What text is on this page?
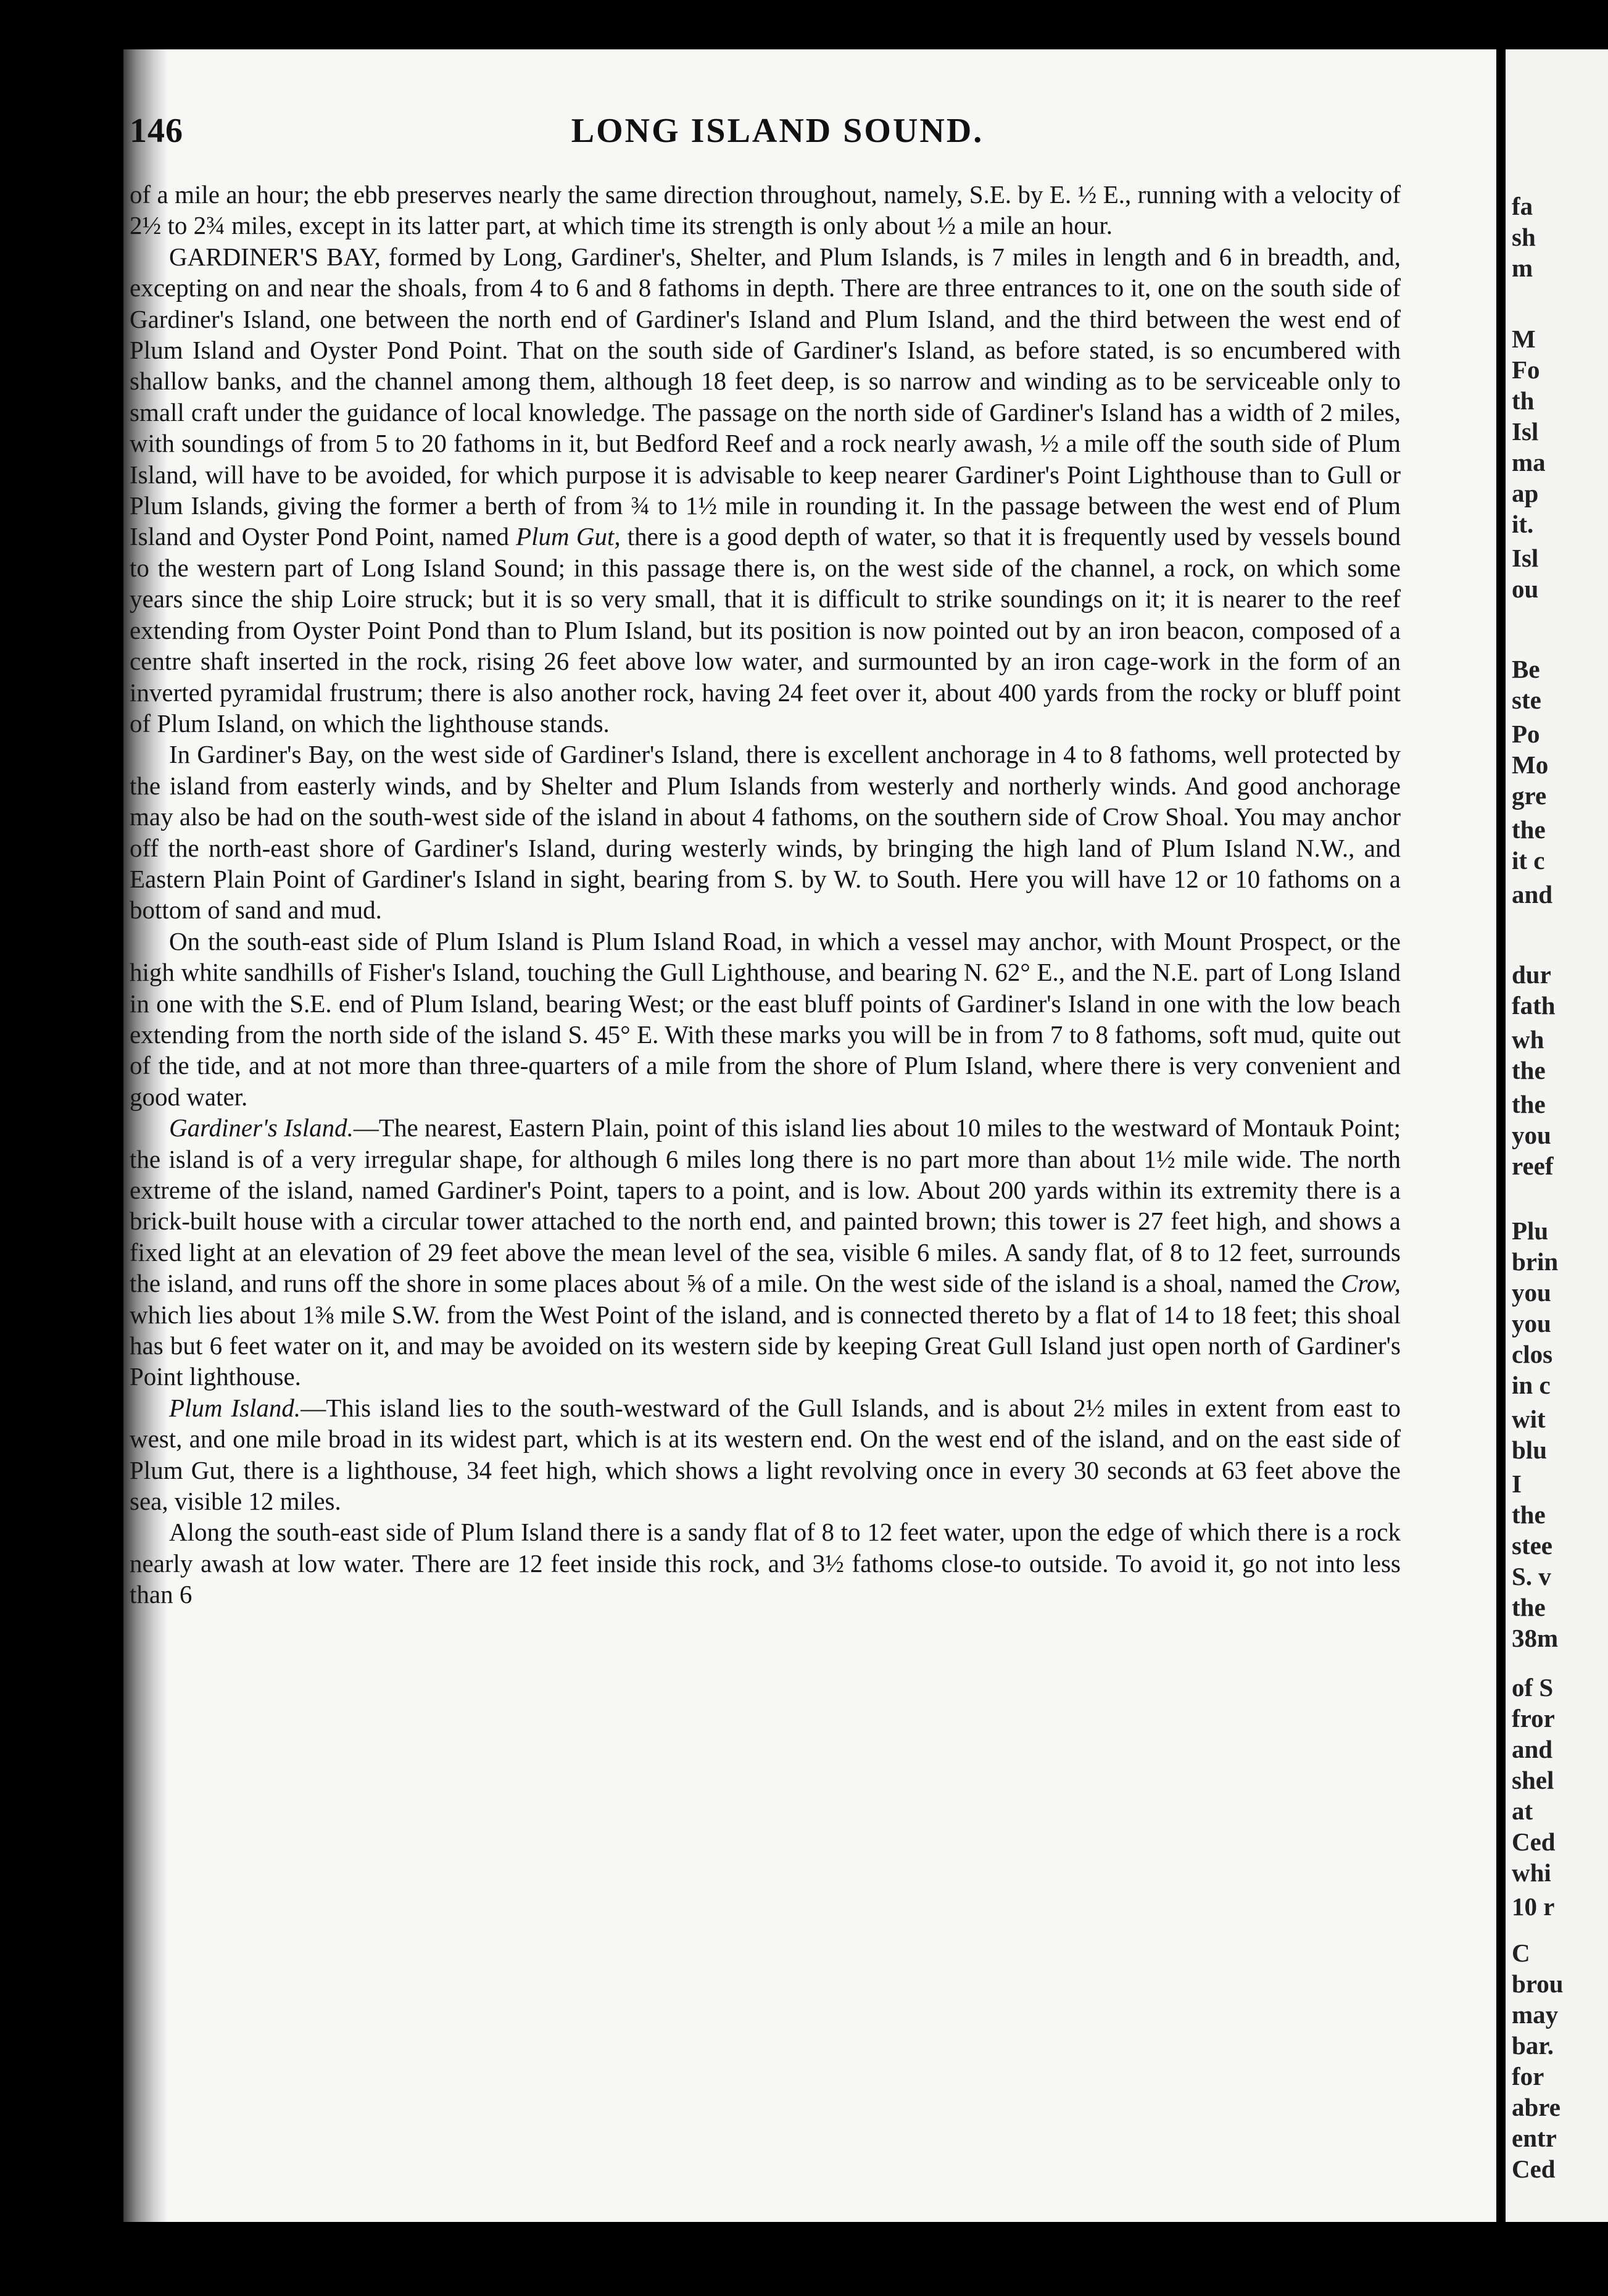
146	LONG ISLAND SOUND.

of a mile an hour; the ebb preserves nearly the same direction throughout, namely, S.E. by E. ½ E., running with a velocity of 2½ to 2¾ miles, except in its latter part, at which time its strength is only about ½ a mile an hour.

GARDINER'S BAY, formed by Long, Gardiner's, Shelter, and Plum Islands, is 7 miles in length and 6 in breadth, and, excepting on and near the shoals, from 4 to 6 and 8 fathoms in depth. There are three entrances to it, one on the south side of Gardiner's Island, one between the north end of Gardiner's Island and Plum Island, and the third between the west end of Plum Island and Oyster Pond Point. That on the south side of Gardiner's Island, as before stated, is so encumbered with shallow banks, and the channel among them, although 18 feet deep, is so narrow and winding as to be serviceable only to small craft under the guidance of local knowledge. The passage on the north side of Gardiner's Island has a width of 2 miles, with soundings of from 5 to 20 fathoms in it, but Bedford Reef and a rock nearly awash, ½ a mile off the south side of Plum Island, will have to be avoided, for which purpose it is advisable to keep nearer Gardiner's Point Lighthouse than to Gull or Plum Islands, giving the former a berth of from ¾ to 1½ mile in rounding it. In the passage between the west end of Plum Island and Oyster Pond Point, named Plum Gut, there is a good depth of water, so that it is frequently used by vessels bound to the western part of Long Island Sound; in this passage there is, on the west side of the channel, a rock, on which some years since the ship Loire struck; but it is so very small, that it is difficult to strike soundings on it; it is nearer to the reef extending from Oyster Point Pond than to Plum Island, but its position is now pointed out by an iron beacon, composed of a centre shaft inserted in the rock, rising 26 feet above low water, and surmounted by an iron cage-work in the form of an inverted pyramidal frustrum; there is also another rock, having 24 feet over it, about 400 yards from the rocky or bluff point of Plum Island, on which the lighthouse stands.

In Gardiner's Bay, on the west side of Gardiner's Island, there is excellent anchorage in 4 to 8 fathoms, well protected by the island from easterly winds, and by Shelter and Plum Islands from westerly and northerly winds. And good anchorage may also be had on the south-west side of the island in about 4 fathoms, on the southern side of Crow Shoal. You may anchor off the north-east shore of Gardiner's Island, during westerly winds, by bringing the high land of Plum Island N.W., and Eastern Plain Point of Gardiner's Island in sight, bearing from S. by W. to South. Here you will have 12 or 10 fathoms on a bottom of sand and mud.

On the south-east side of Plum Island is Plum Island Road, in which a vessel may anchor, with Mount Prospect, or the high white sandhills of Fisher's Island, touching the Gull Lighthouse, and bearing N. 62° E., and the N.E. part of Long Island in one with the S.E. end of Plum Island, bearing West; or the east bluff points of Gardiner's Island in one with the low beach extending from the north side of the island S. 45° E. With these marks you will be in from 7 to 8 fathoms, soft mud, quite out of the tide, and at not more than three-quarters of a mile from the shore of Plum Island, where there is very convenient and good water.

Gardiner's Island.—The nearest, Eastern Plain, point of this island lies about 10 miles to the westward of Montauk Point; the island is of a very irregular shape, for although 6 miles long there is no part more than about 1½ mile wide. The north extreme of the island, named Gardiner's Point, tapers to a point, and is low. About 200 yards within its extremity there is a brick-built house with a circular tower attached to the north end, and painted brown; this tower is 27 feet high, and shows a fixed light at an elevation of 29 feet above the mean level of the sea, visible 6 miles. A sandy flat, of 8 to 12 feet, surrounds the island, and runs off the shore in some places about ⅝ of a mile. On the west side of the island is a shoal, named the Crow, which lies about 1⅜ mile S.W. from the West Point of the island, and is connected thereto by a flat of 14 to 18 feet; this shoal has but 6 feet water on it, and may be avoided on its western side by keeping Great Gull Island just open north of Gardiner's Point lighthouse.

Plum Island.—This island lies to the south-westward of the Gull Islands, and is about 2½ miles in extent from east to west, and one mile broad in its widest part, which is at its western end. On the west end of the island, and on the east side of Plum Gut, there is a lighthouse, 34 feet high, which shows a light revolving once in every 30 seconds at 63 feet above the sea, visible 12 miles.

Along the south-east side of Plum Island there is a sandy flat of 8 to 12 feet water, upon the edge of which there is a rock nearly awash at low water. There are 12 feet inside this rock, and 3½ fathoms close-to outside. To avoid it, go not into less than 6

fa
sh
m
M
Fo
th
Isl
ma
ap
it.
Isl
ou
Be
ste
Po
Mo
gre
the
it c
and
dur
fath
wh
the
the
you
reef
Plu
brin
you
you
clos
in c
wit
blu
I
the
stee
S. v
the
38m
of S
fror
and
shel
at
Ced
whi
10 r
C
brou
may
bar.
for
abre
entr
Ced
